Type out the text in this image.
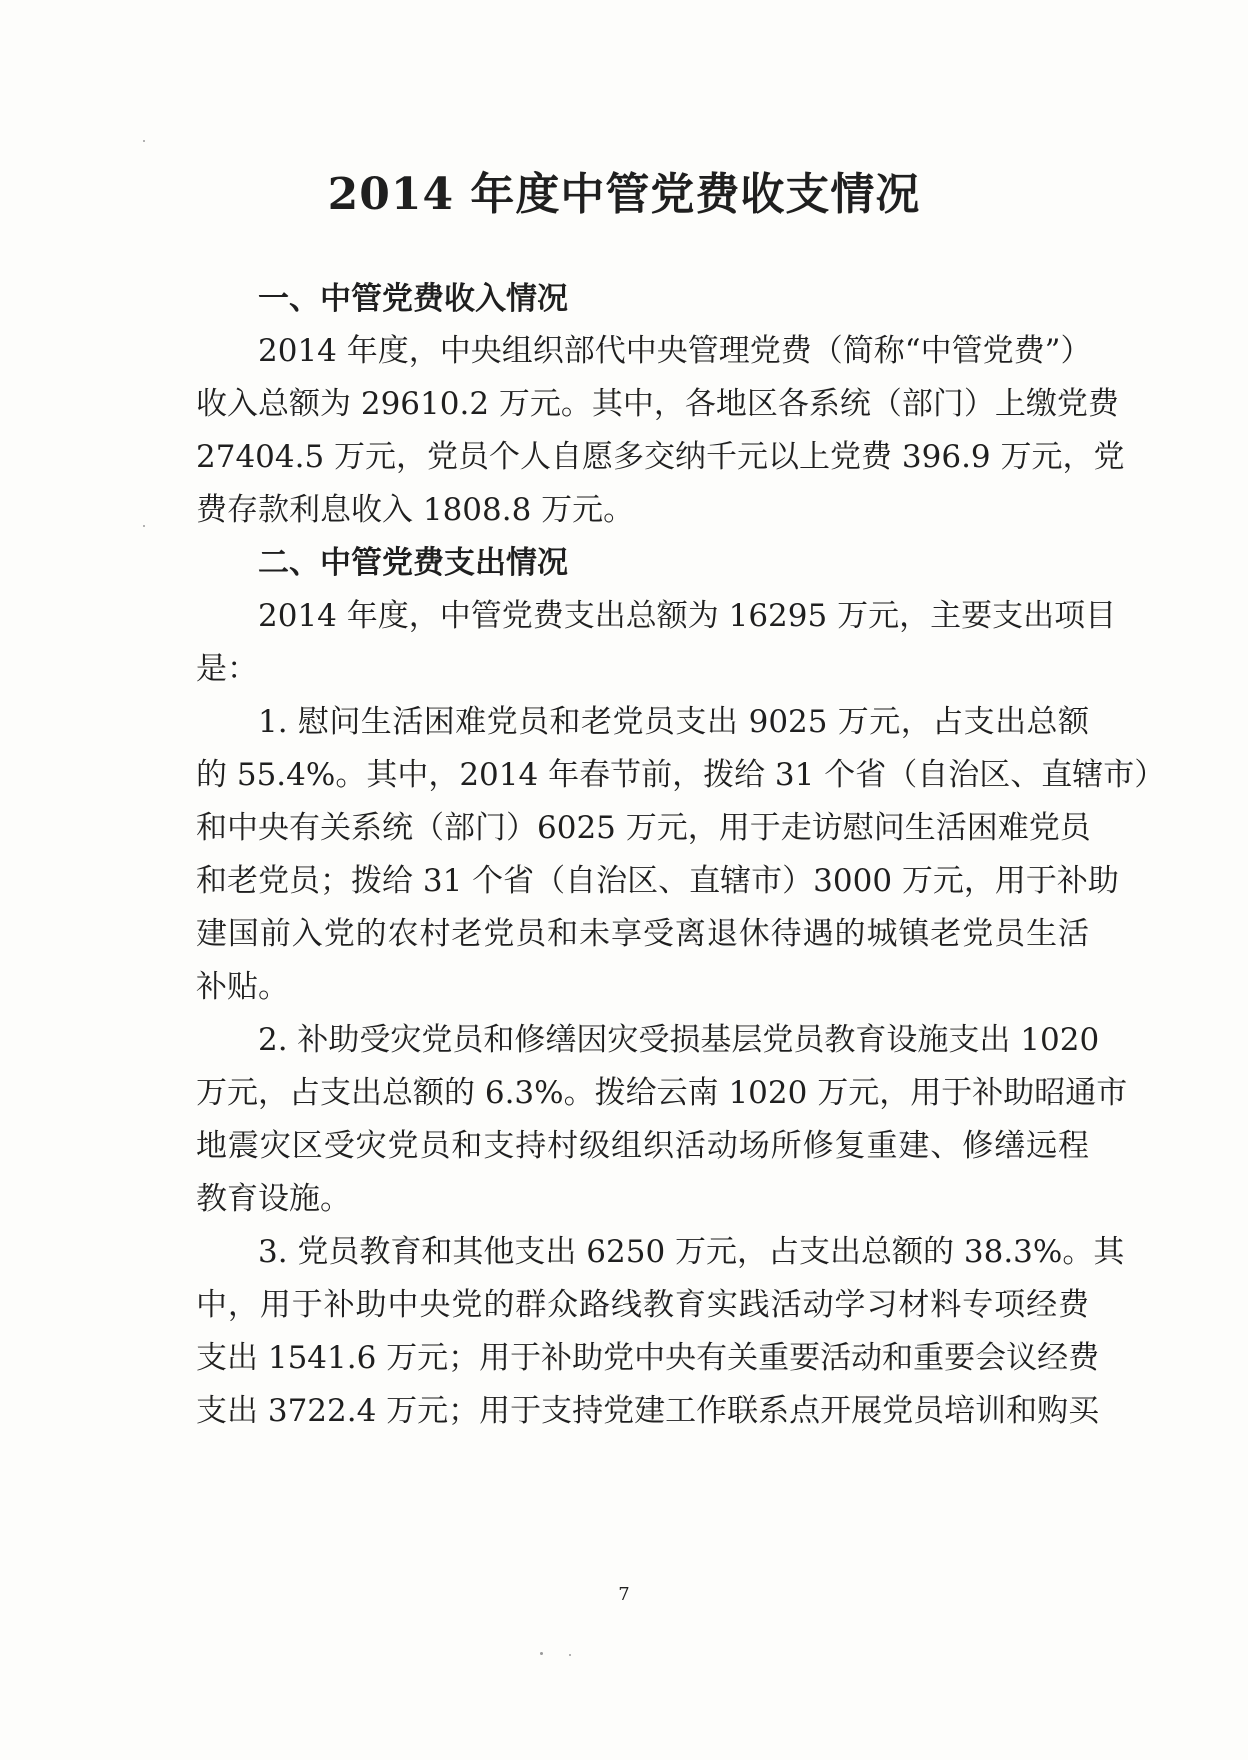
2014 年度中管党费收支情况
一、中管党费收入情况
2014 年度，中央组织部代中央管理党费（简称“中管党费”）
收入总额为 29610.2 万元。其中，各地区各系统（部门）上缴党费
27404.5 万元，党员个人自愿多交纳千元以上党费 396.9 万元，党
费存款利息收入 1808.8 万元。
二、中管党费支出情况
2014 年度，中管党费支出总额为 16295 万元，主要支出项目
是：
1. 慰问生活困难党员和老党员支出 9025 万元，占支出总额
的 55.4%。其中，2014 年春节前，拨给 31 个省（自治区、直辖市）
和中央有关系统（部门）6025 万元，用于走访慰问生活困难党员
和老党员；拨给 31 个省（自治区、直辖市）3000 万元，用于补助
建国前入党的农村老党员和未享受离退休待遇的城镇老党员生活
补贴。
2. 补助受灾党员和修缮因灾受损基层党员教育设施支出 1020
万元，占支出总额的 6.3%。拨给云南 1020 万元，用于补助昭通市
地震灾区受灾党员和支持村级组织活动场所修复重建、修缮远程
教育设施。
3. 党员教育和其他支出 6250 万元，占支出总额的 38.3%。其
中，用于补助中央党的群众路线教育实践活动学习材料专项经费
支出 1541.6 万元；用于补助党中央有关重要活动和重要会议经费
支出 3722.4 万元；用于支持党建工作联系点开展党员培训和购买
7
